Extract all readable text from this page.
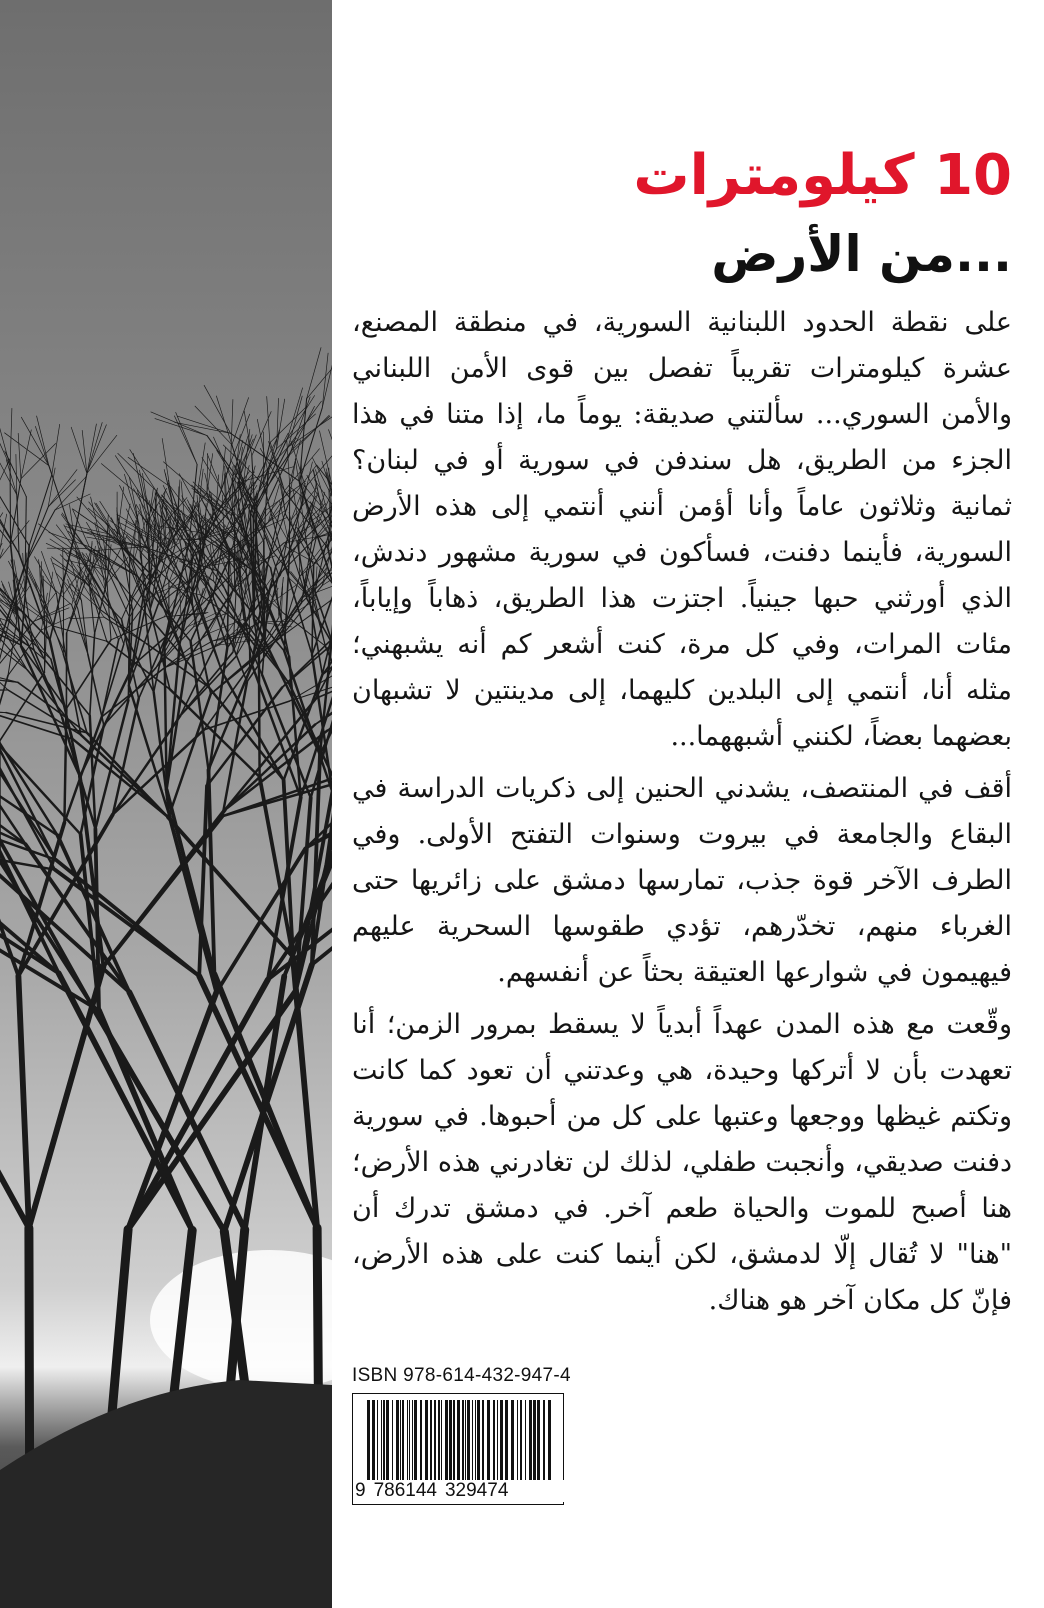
10 كيلومترات
...من الأرض

على نقطة الحدود اللبنانية السورية، في منطقة المصنع، عشرة كيلومترات تقريباً تفصل بين قوى الأمن اللبناني والأمن السوري... سألتني صديقة: يوماً ما، إذا متنا في هذا الجزء من الطريق، هل سندفن في سورية أو في لبنان؟ ثمانية وثلاثون عاماً وأنا أؤمن أنني أنتمي إلى هذه الأرض السورية، فأينما دفنت، فسأكون في سورية مشهور دندش، الذي أورثني حبها جينياً. اجتزت هذا الطريق، ذهاباً وإياباً، مئات المرات، وفي كل مرة، كنت أشعر كم أنه يشبهني؛ مثله أنا، أنتمي إلى البلدين كليهما، إلى مدينتين لا تشبهان بعضهما بعضاً، لكنني أشبههما...

أقف في المنتصف، يشدني الحنين إلى ذكريات الدراسة في البقاع والجامعة في بيروت وسنوات التفتح الأولى. وفي الطرف الآخر قوة جذب، تمارسها دمشق على زائريها حتى الغرباء منهم، تخدّرهم، تؤدي طقوسها السحرية عليهم فيهيمون في شوارعها العتيقة بحثاً عن أنفسهم.

وقّعت مع هذه المدن عهداً أبدياً لا يسقط بمرور الزمن؛ أنا تعهدت بأن لا أتركها وحيدة، هي وعدتني أن تعود كما كانت وتكتم غيظها ووجعها وعتبها على كل من أحبوها. في سورية دفنت صديقي، وأنجبت طفلي، لذلك لن تغادرني هذه الأرض؛ هنا أصبح للموت والحياة طعم آخر. في دمشق تدرك أن "هنا" لا تُقال إلّا لدمشق، لكن أينما كنت على هذه الأرض، فإنّ كل مكان آخر هو هناك.

ISBN 978-614-432-947-4
9 786144 329474
